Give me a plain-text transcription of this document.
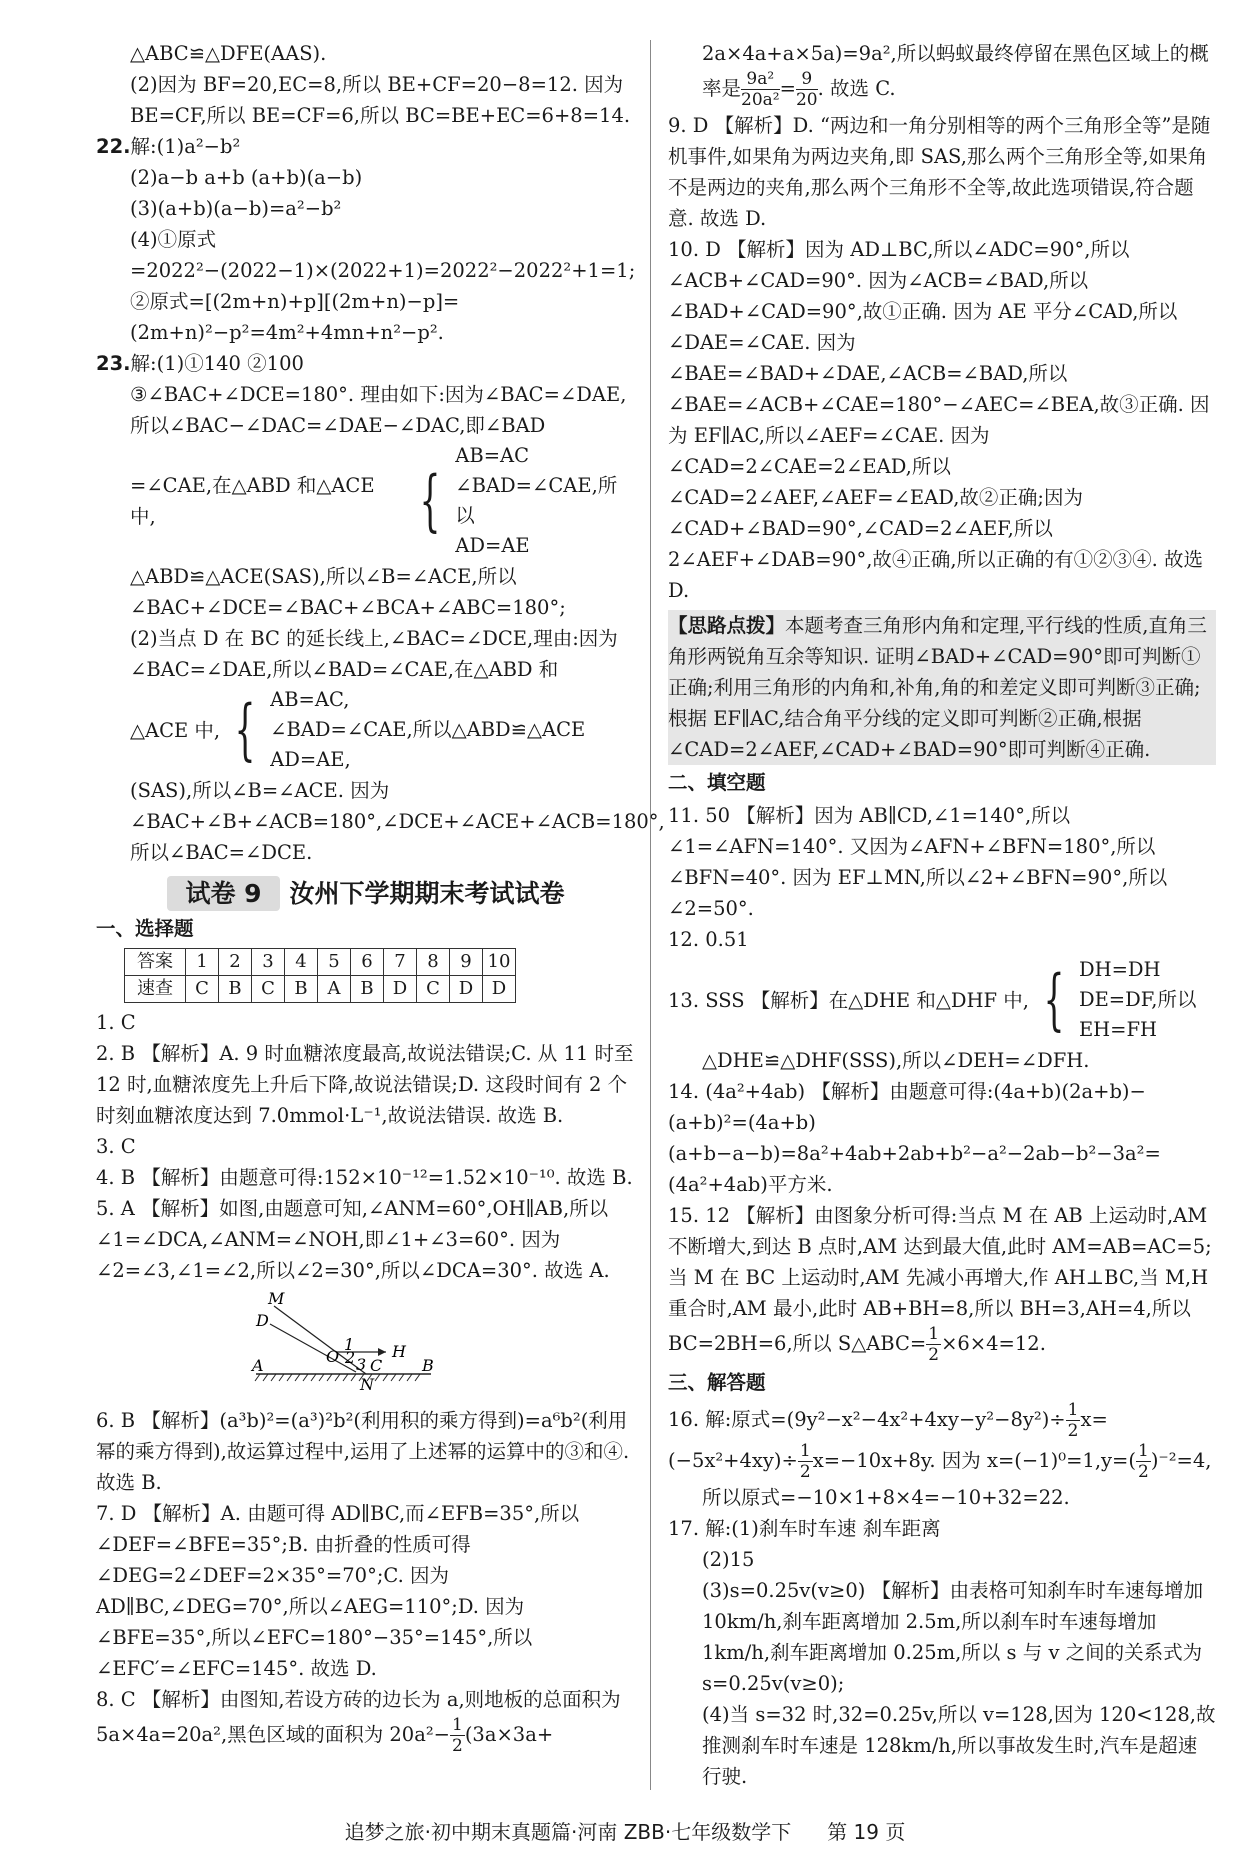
△ABC≌△DFE(AAS).

(2)因为 BF=20,EC=8,所以 BE+CF=20−8=12. 因为 BE=CF,所以 BE=CF=6,所以 BC=BE+EC=6+8=14.

22.解:(1)a²−b²

(2)a−b a+b (a+b)(a−b)

(3)(a+b)(a−b)=a²−b²

(4)①原式=2022²−(2022−1)×(2022+1)=2022²−2022²+1=1;

②原式=[(2m+n)+p][(2m+n)−p]=(2m+n)²−p²=4m²+4mn+n²−p².

23.解:(1)①140 ②100

③∠BAC+∠DCE=180°. 理由如下:因为∠BAC=∠DAE,所以∠BAC−∠DAC=∠DAE−∠DAC,即∠BAD

=∠CAE,在△ABD 和△ACE 中,	{
AB=AC
∠BAD=∠CAE,所以
AD=AE

△ABD≌△ACE(SAS),所以∠B=∠ACE,所以∠BAC+∠DCE=∠BAC+∠BCA+∠ABC=180°;

(2)当点 D 在 BC 的延长线上,∠BAC=∠DCE,理由:因为∠BAC=∠DAE,所以∠BAD=∠CAE,在△ABD 和

△ACE 中, { AB=AC,
∠BAD=∠CAE,所以△ABD≌△ACE
AD=AE,

(SAS),所以∠B=∠ACE. 因为∠BAC+∠B+∠ACB=180°,∠DCE+∠ACE+∠ACB=180°,所以∠BAC=∠DCE.

试卷 9	汝州下学期期末考试试卷
一、选择题
答案	1	2	3	4	5	6	7	8	9	10
速查	C	B	C	B	A	B	D	C	D	D

1. C

2. B 【解析】A. 9 时血糖浓度最高,故说法错误;C. 从 11 时至 12 时,血糖浓度先上升后下降,故说法错误;D. 这段时间有 2 个时刻血糖浓度达到 7.0mmol·L⁻¹,故说法错误. 故选 B.

3. C

4. B 【解析】由题意可得:152×10⁻¹²=1.52×10⁻¹⁰. 故选 B.

5. A 【解析】如图,由题意可知,∠ANM=60°,OH∥AB,所以∠1=∠DCA,∠ANM=∠NOH,即∠1+∠3=60°. 因为∠2=∠3,∠1=∠2,所以∠2=30°,所以∠DCA=30°. 故选 A.

M
D
O
1
2 3
H
A
N
C B

6. B 【解析】(a³b)²=(a³)²b²(利用积的乘方得到)=a⁶b²(利用幂的乘方得到),故运算过程中,运用了上述幂的运算中的③和④. 故选 B.

7. D 【解析】A. 由题可得 AD∥BC,而∠EFB=35°,所以∠DEF=∠BFE=35°;B. 由折叠的性质可得∠DEG=2∠DEF=2×35°=70°;C. 因为 AD∥BC,∠DEG=70°,所以∠AEG=110°;D. 因为∠BFE=35°,所以∠EFC=180°−35°=145°,所以∠EFC′=∠EFC=145°. 故选 D.

8. C 【解析】由图知,若设方砖的边长为 a,则地板的总面积为 5a×4a=20a²,黑色区域的面积为 $20a^2- \frac{1}{2} (3a\times 3a+$

2a×4a+a×5a)=9a²,所以蚂蚁最终停留在黑色区域上的概率是 $\frac{\text{9a²}}{\text{20a²}} = \frac{9}{20}$ . 故选 C.

9. D 【解析】D. “两边和一角分别相等的两个三角形全等”是随机事件,如果角为两边夹角,即 SAS,那么两个三角形全等,如果角不是两边的夹角,那么两个三角形不全等,故此选项错误,符合题意. 故选 D.

10. D 【解析】因为 AD⊥BC,所以∠ADC=90°,所以∠ACB+∠CAD=90°. 因为∠ACB=∠BAD,所以∠BAD+∠CAD=90°,故①正确. 因为 AE 平分∠CAD,所以∠DAE=∠CAE. 因为∠BAE=∠BAD+∠DAE,∠ACB=∠BAD,所以∠BAE=∠ACB+∠CAE=180°−∠AEC=∠BEA,故③正确. 因为 EF∥AC,所以∠AEF=∠CAE. 因为∠CAD=2∠CAE=2∠EAD,所以∠CAD=2∠AEF,∠AEF=∠EAD,故②正确;因为∠CAD+∠BAD=90°,∠CAD=2∠AEF,所以 2∠AEF+∠DAB=90°,故④正确,所以正确的有①②③④. 故选 D.

【思路点拨】本题考查三角形内角和定理,平行线的性质,直角三角形两锐角互余等知识. 证明∠BAD+∠CAD=90°即可判断①正确;利用三角形的内角和,补角,角的和差定义即可判断③正确;根据 EF∥AC,结合角平分线的定义即可判断②正确,根据∠CAD=2∠AEF,∠CAD+∠BAD=90°即可判断④正确.
二、填空题

11. 50 【解析】因为 AB∥CD,∠1=140°,所以∠1=∠AFN=140°. 又因为∠AFN+∠BFN=180°,所以∠BFN=40°. 因为 EF⊥MN,所以∠2+∠BFN=90°,所以∠2=50°.

12. 0.51

13. SSS 【解析】在△DHE 和△DHF 中, { DH=DH
DE=DF,所以
EH=FH

△DHE≌△DHF(SSS),所以∠DEH=∠DFH.

14. (4a²+4ab) 【解析】由题意可得:(4a+b)(2a+b)−(a+b)²=(4a+b)(a+b−a−b)=8a²+4ab+2ab+b²−a²−2ab−b²−3a²=(4a²+4ab)平方米.

15. 12 【解析】由图象分析可得:当点 M 在 AB 上运动时,AM 不断增大,到达 B 点时,AM 达到最大值,此时 AM=AB=AC=5;当 M 在 BC 上运动时,AM 先减小再增大,作 AH⊥BC,当 M,H 重合时,AM 最小,此时 AB+BH=8,所以 BH=3,AH=4,所以 BC=2BH=6,所以 S△ABC= $\frac{1}{2} \times 6\times 4=12$.

三、解答题

16. 解:原式$=(9y^2-x^2-4x^2+4xy-y^2-8y^2)\div \frac{1}{2} x=(-5x^2+4xy)\div \frac{1}{2} x=-10x+8y$. 因为 $x=(-1)^0=1,y=( \frac{1}{2} )^{-2}=4$,

所以原式=−10×1+8×4=−10+32=22.

17. 解:(1)刹车时车速 刹车距离

(2)15

(3)s=0.25v(v≥0) 【解析】由表格可知刹车时车速每增加 10km/h,刹车距离增加 2.5m,所以刹车时车速每增加 1km/h,刹车距离增加 0.25m,所以 s 与 v 之间的关系式为 s=0.25v(v≥0);

(4)当 s=32 时,32=0.25v,所以 v=128,因为 120<128,故推测刹车时车速是 128km/h,所以事故发生时,汽车是超速行驶.

追梦之旅·初中期末真题篇·河南 ZBB·七年级数学下 第 19 页
